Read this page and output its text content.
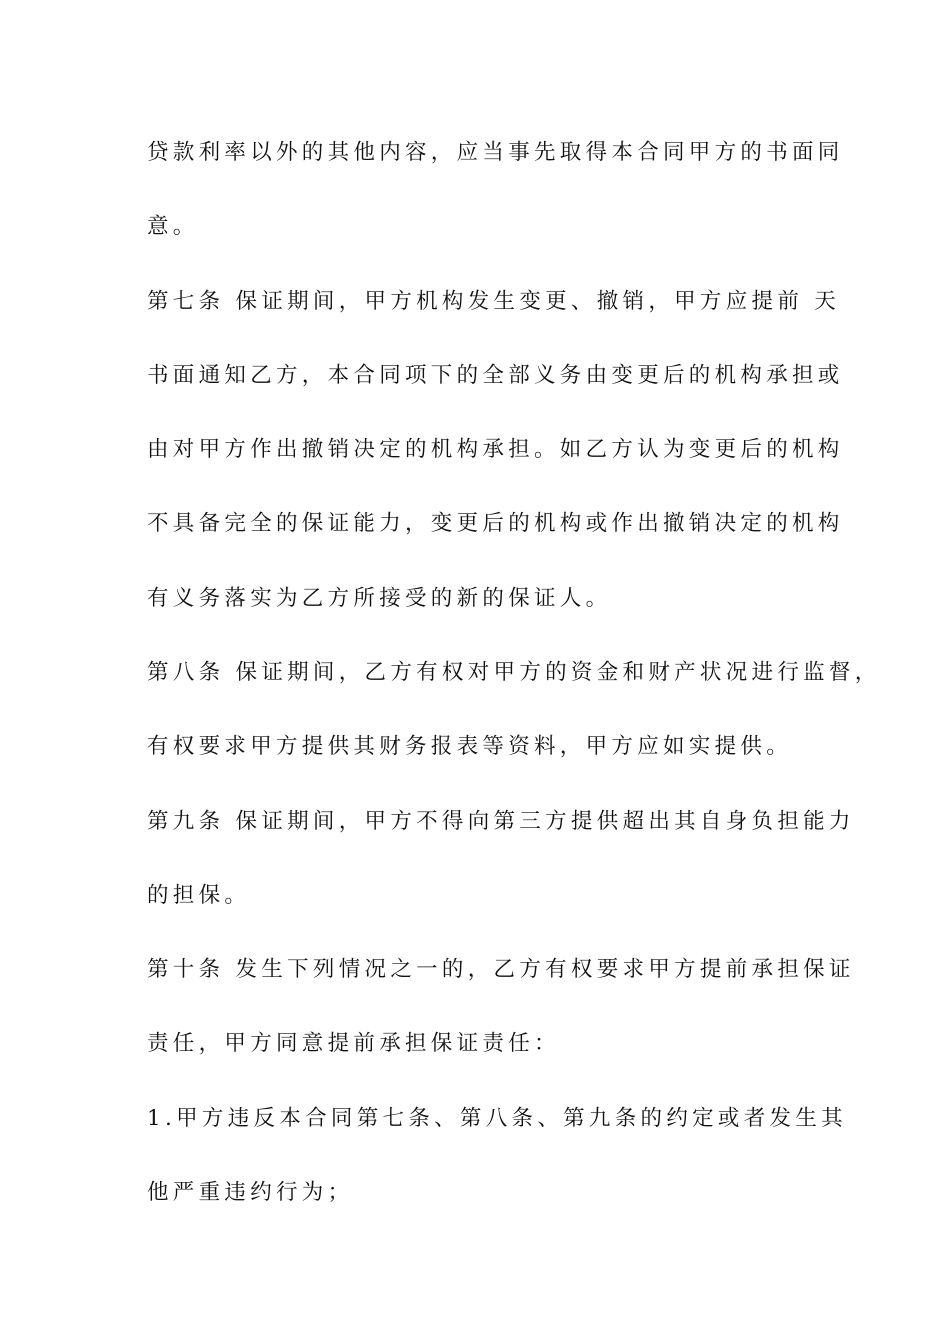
贷款利率以外的其他内容，应当事先取得本合同甲方的书面同
意。
第七条 保证期间，甲方机构发生变更、撤销，甲方应提前 天
书面通知乙方，本合同项下的全部义务由变更后的机构承担或
由对甲方作出撤销决定的机构承担。如乙方认为变更后的机构
不具备完全的保证能力，变更后的机构或作出撤销决定的机构
有义务落实为乙方所接受的新的保证人。
第八条 保证期间，乙方有权对甲方的资金和财产状况进行监督，
有权要求甲方提供其财务报表等资料，甲方应如实提供。
第九条 保证期间，甲方不得向第三方提供超出其自身负担能力
的担保。
第十条 发生下列情况之一的，乙方有权要求甲方提前承担保证
责任，甲方同意提前承担保证责任：
1.甲方违反本合同第七条、第八条、第九条的约定或者发生其
他严重违约行为；
